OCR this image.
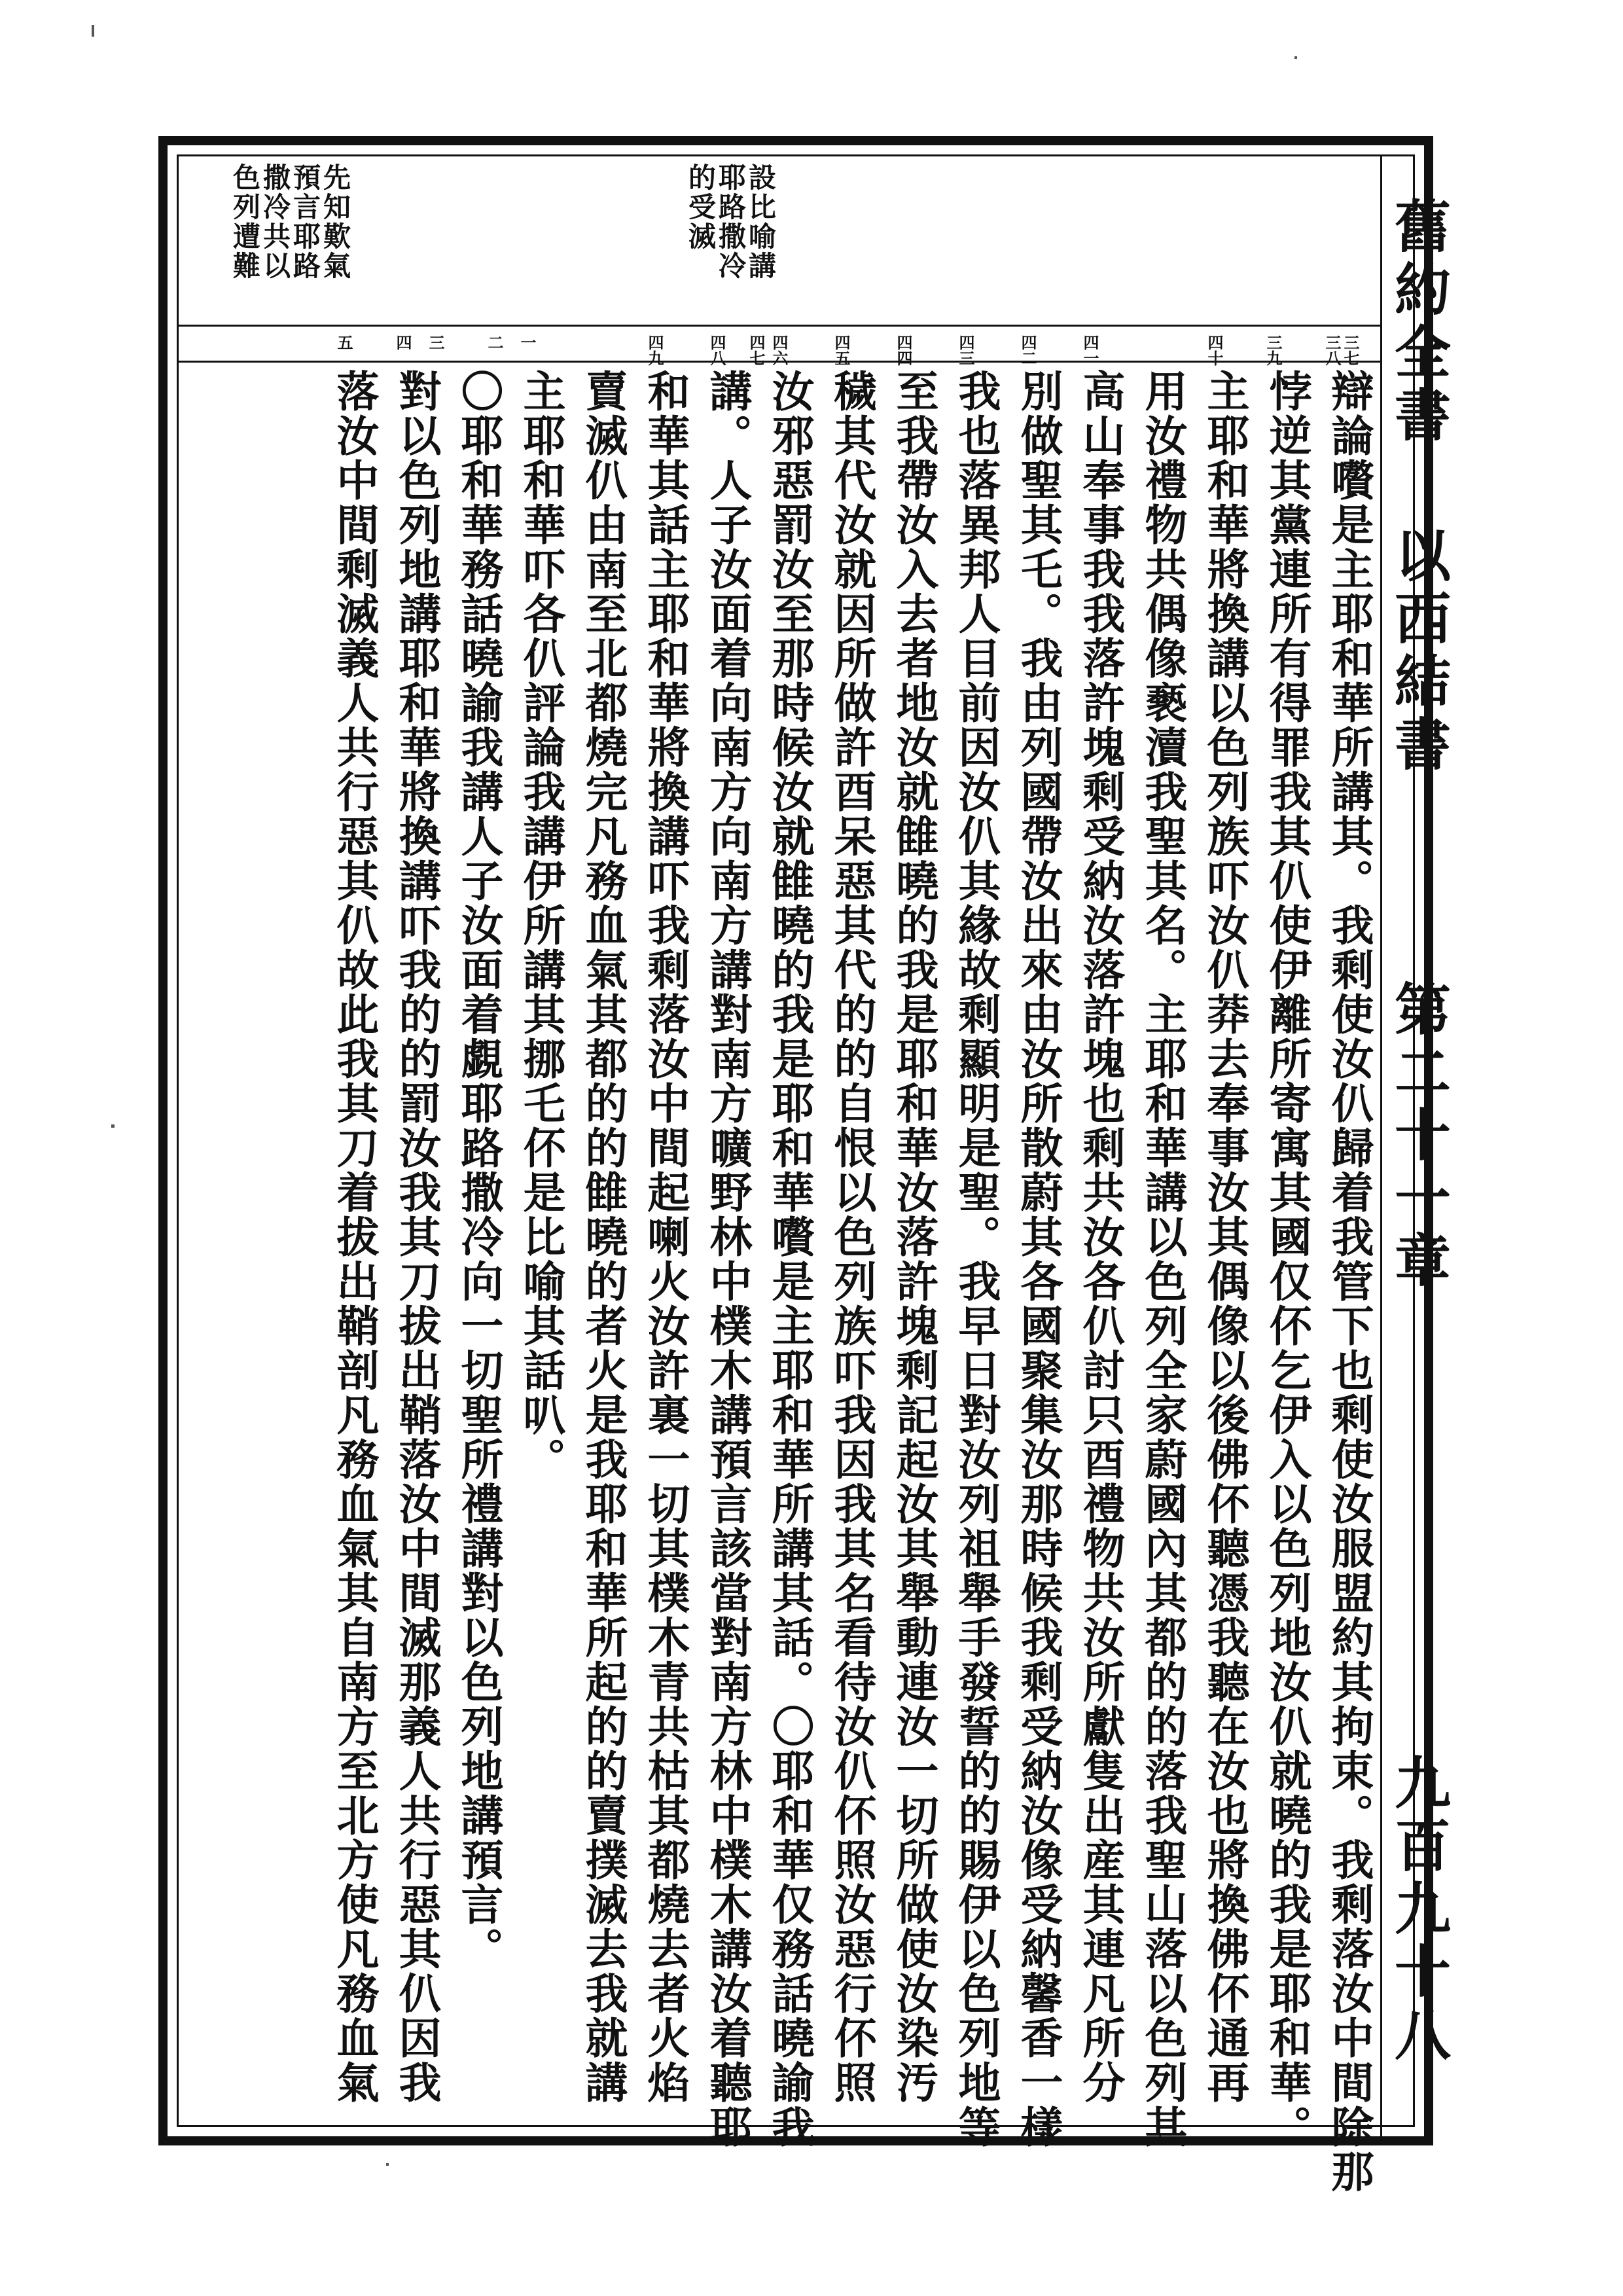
舊約全書
以西結書
第二十一章
九百九十八
設比喻講
耶路撒冷
的受滅
先知歎氣
預言耶路
撒冷共以
色列遭難
三七
三八
三九
四十
四一
四二
四三
四四
四五
四六
四七
四八
四九
一
二
三
四
五
辯論嚽是主耶和華所講其。我剩使汝仈歸着我管下也剩使汝服盟約其拘束。我剩落汝中間除那
悖逆其黨連所有得罪我其仈使伊離所寄寓其國仅伓乞伊入以色列地汝仈就曉的我是耶和華。
主耶和華將換講以色列族吓汝仈莽去奉事汝其偶像以後佛伓聽憑我聽在汝也將換佛伓通再
用汝禮物共偶像褻瀆我聖其名。主耶和華講以色列全家蔚國內其都的的落我聖山落以色列其
高山奉事我我落許塊剩受納汝落許塊也剩共汝各仈討只酉禮物共汝所獻隻出産其連凡所分
別做聖其乇。我由列國帶汝出來由汝所散蔚其各國聚集汝那時候我剩受納汝像受納馨香一樣
我也落異邦人目前因汝仈其緣故剩顯明是聖。我早日對汝列祖舉手發誓的的賜伊以色列地等
至我帶汝入去者地汝就雔曉的我是耶和華汝落許塊剩記起汝其舉動連汝一切所做使汝染汚
穢其代汝就因所做許酉呆惡其代的的自恨以色列族吓我因我其名看待汝仈伓照汝惡行伓照
汝邪惡罰汝至那時候汝就雔曉的我是耶和華嚽是主耶和華所講其話。〇耶和華仅務話曉諭我
講。人子汝面着向南方向南方講對南方曠野林中樸木講預言該當對南方林中樸木講汝着聽耶
和華其話主耶和華將換講吓我剩落汝中間起喇火汝許裏一切其樸木青共枯其都燒去者火焰
賣滅仈由南至北都燒完凡務血氣其都的的雔曉的者火是我耶和華所起的的賣撲滅去我就講
主耶和華吓各仈評論我講伊所講其挪乇伓是比喻其話叭。
〇耶和華務話曉諭我講人子汝面着覷耶路撒冷向一切聖所禮講對以色列地講預言。
對以色列地講耶和華將換講吓我的的罰汝我其刀拔出鞘落汝中間滅那義人共行惡其仈因我
落汝中間剩滅義人共行惡其仈故此我其刀着拔出鞘剖凡務血氣其自南方至北方使凡務血氣
